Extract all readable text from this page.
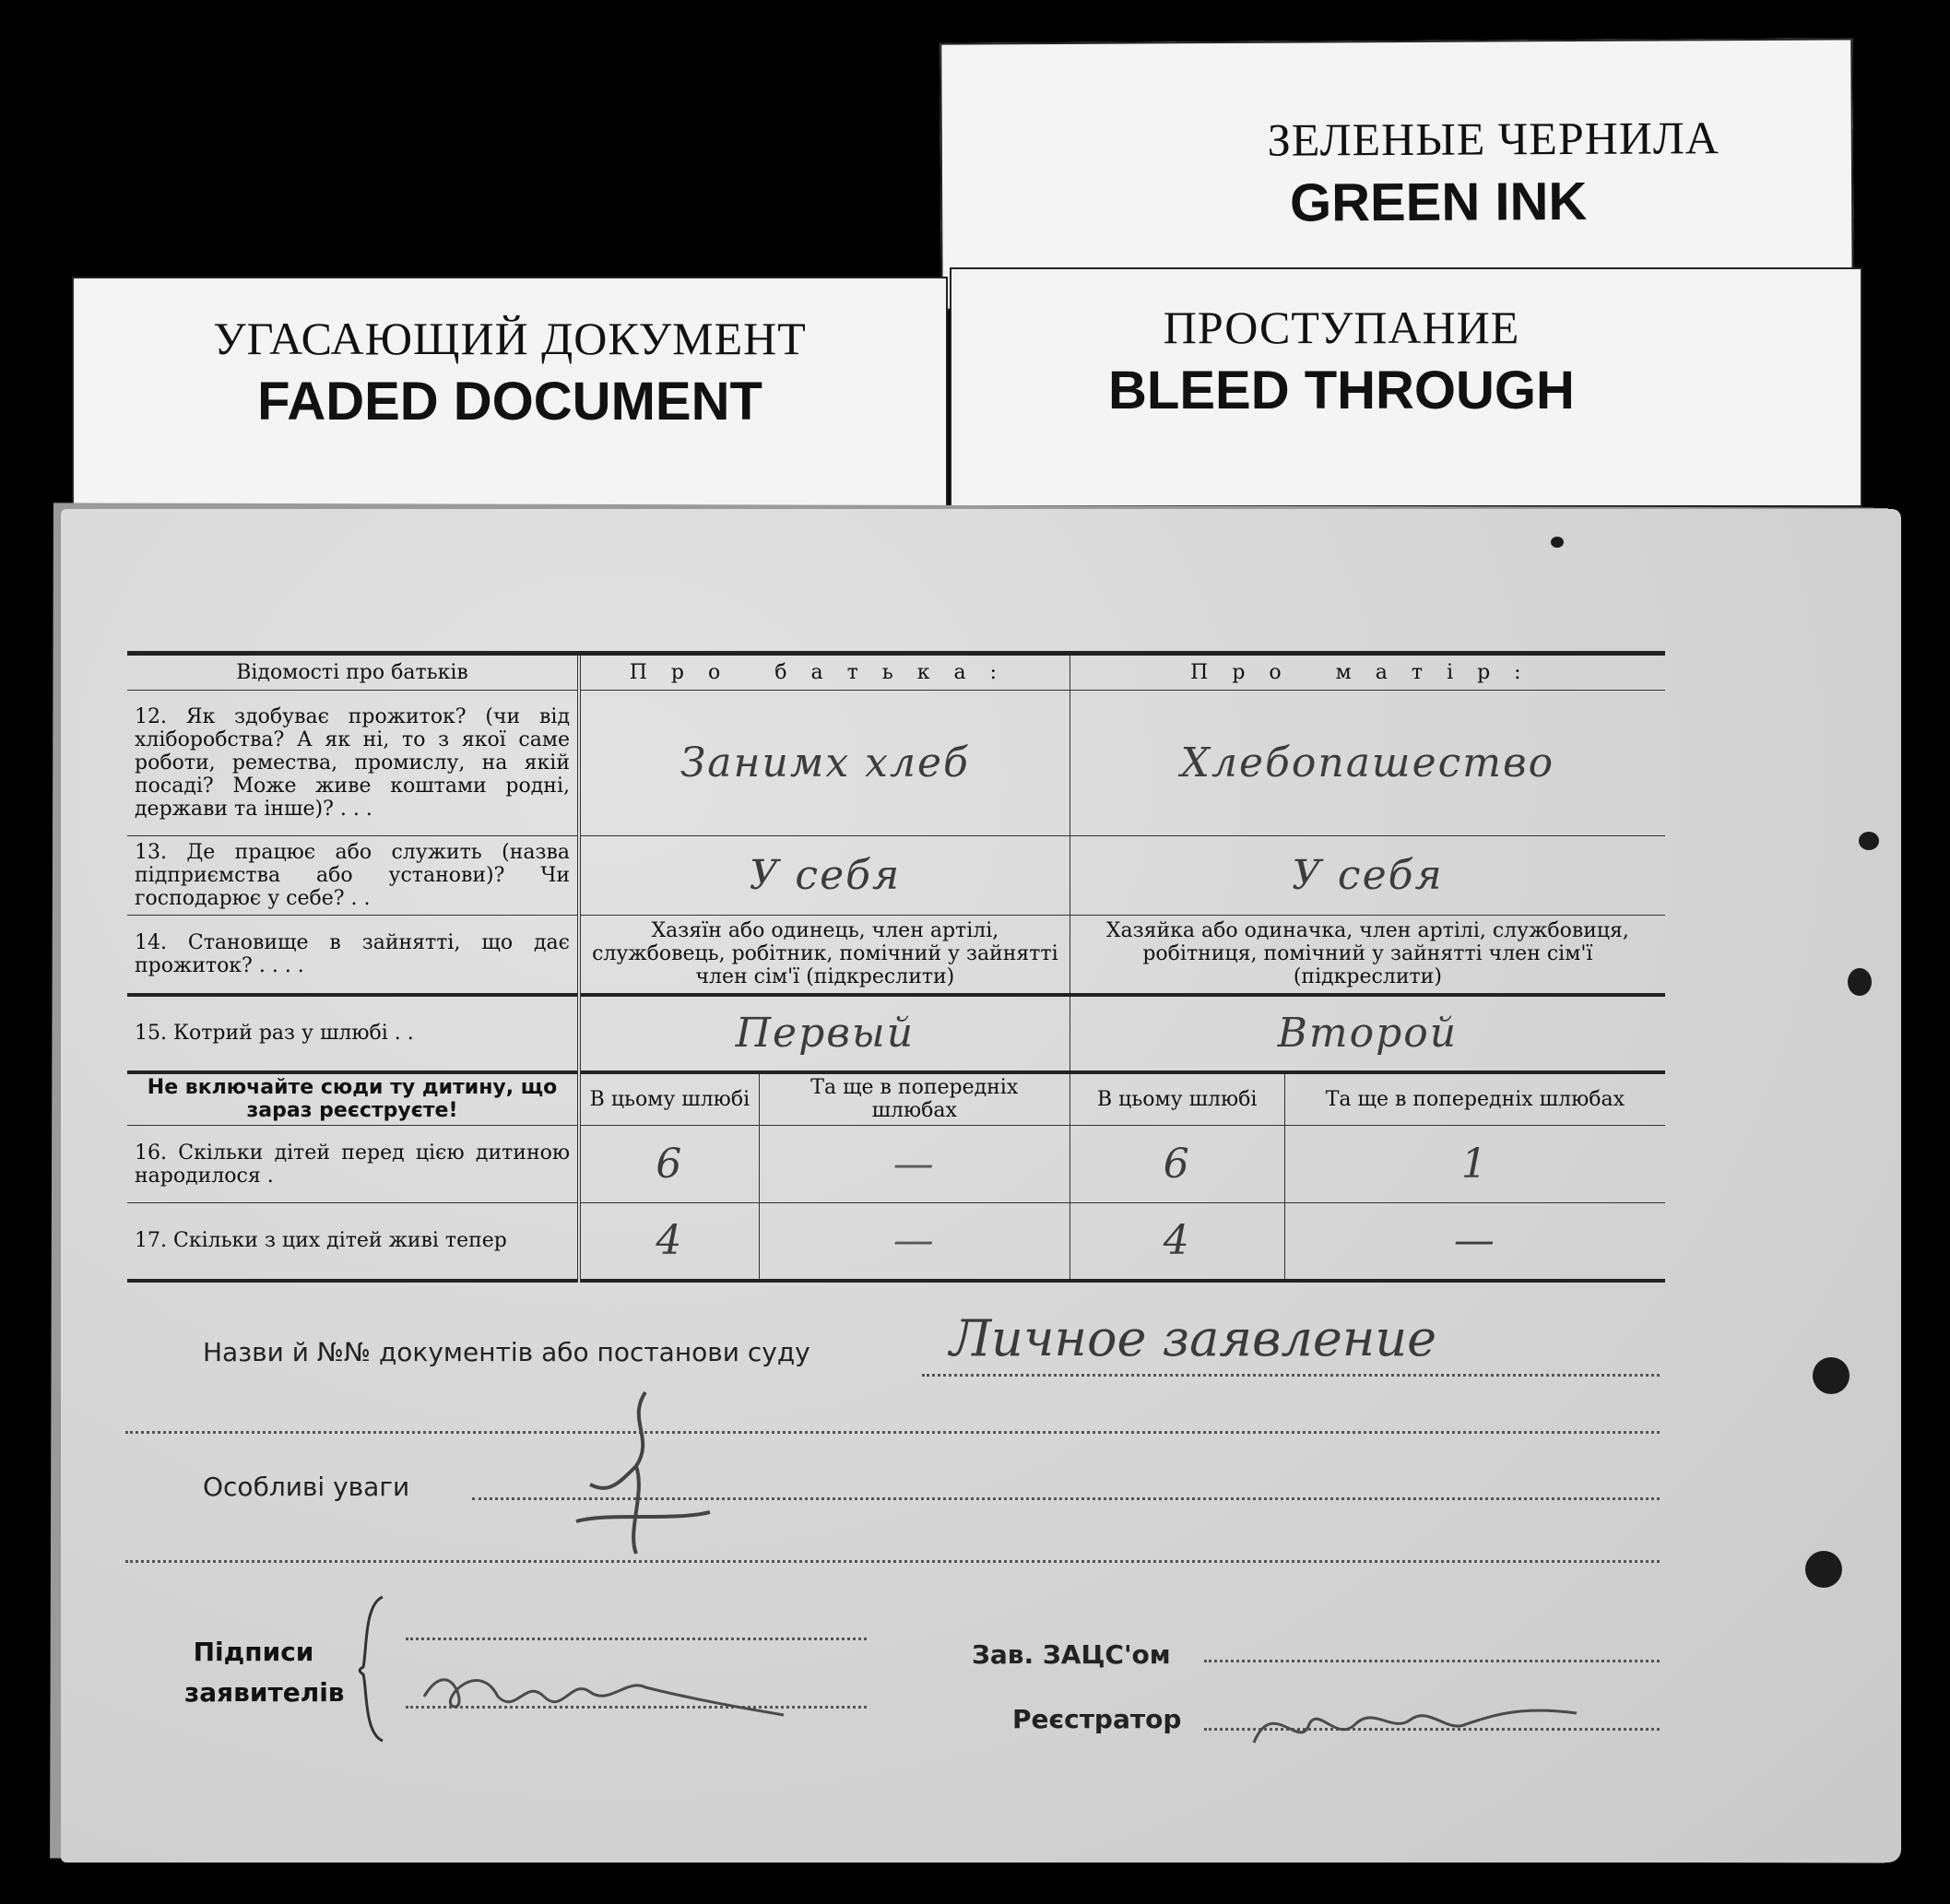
ЗЕЛЕНЫЕ ЧЕРНИЛА
GREEN INK
УГАСАЮЩИЙ ДОКУМЕНТ
FADED DOCUMENT
ПРОСТУПАНИЕ
BLEED THROUGH
Відомості про батьків	Про батька:		Про матір:	
12. Як здобуває прожиток? (чи від хліборобства? А як ні, то з якої саме роботи, ремества, промислу, на якій посаді? Може живе коштами родні, держави та інше)? . . .	Занимх хлеб		Хлебопашество	
13. Де працює або служить (назва підприємства або установи)? Чи господарює у себе? . .	У себя		У себя	
14. Становище в зайнятті, що дає прожиток? . . . .	Хазяїн або одинець, член артілі, службовець, робітник, помічний у зайнятті член сім'ї (підкреслити)		Хазяйка або одиначка, член артілі, службовиця, робітниця, помічний у зайнятті член сім'ї (підкреслити)	
15. Котрий раз у шлюбі . .	Первый		Второй	
Не включайте сюди ту дитину, що зараз реєструєте!	В цьому шлюбі	Та ще в попередніх шлюбах	В цьому шлюбі	Та ще в попередніх шлюбах
16. Скільки дітей перед цією дитиною народилося .	6	—	6	1
17. Скільки з цих дітей живі тепер	4	—	4	—
Назви й №№ документів або постанови суду	Личное заявление
Особливі уваги
Підписи
заявителів
Зав. ЗАЦС'ом
Реєстратор
